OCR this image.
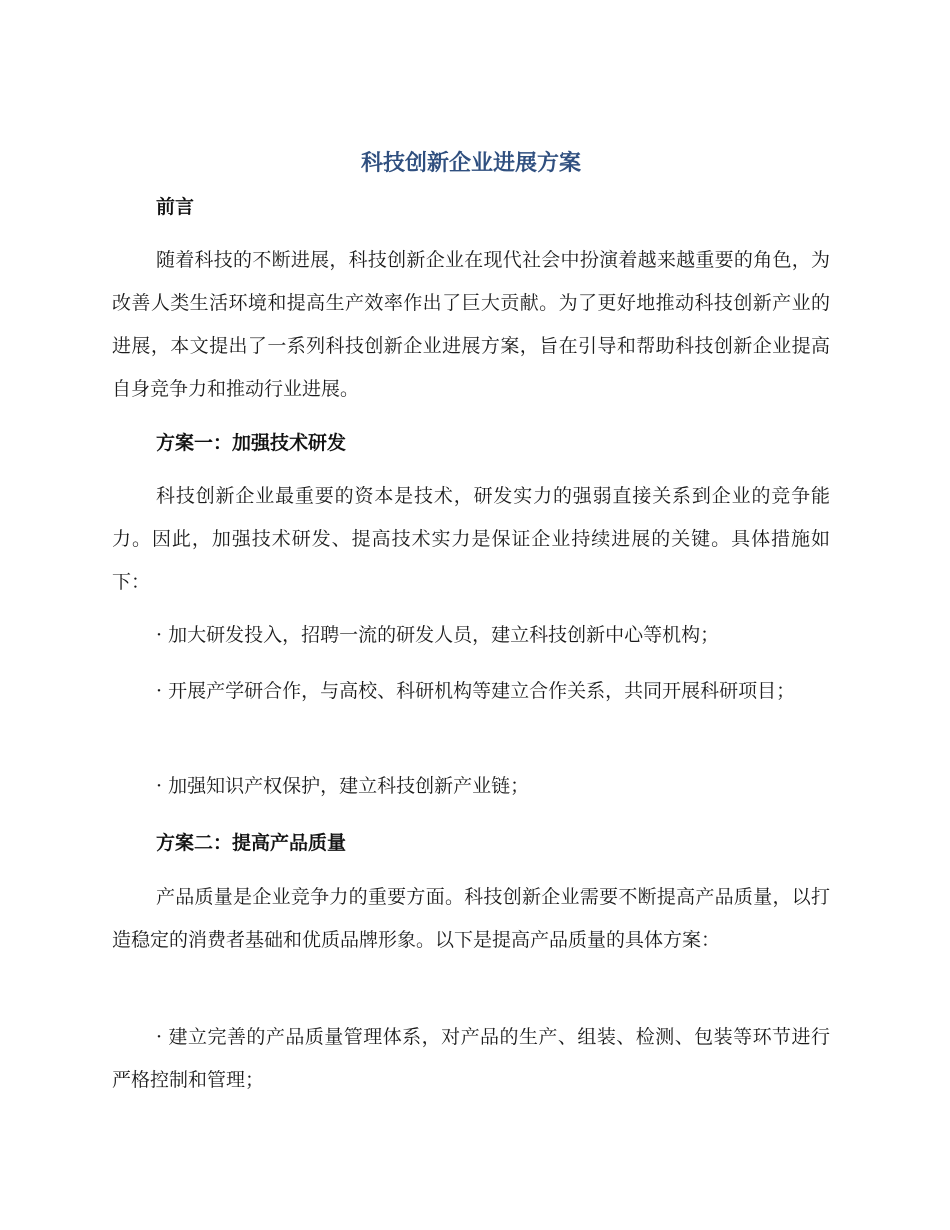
科技创新企业进展方案
前言

随着科技的不断进展，科技创新企业在现代社会中扮演着越来越重要的角色，为改善人类生活环境和提高生产效率作出了巨大贡献。为了更好地推动科技创新产业的进展，本文提出了一系列科技创新企业进展方案，旨在引导和帮助科技创新企业提高自身竞争力和推动行业进展。

方案一：加强技术研发

科技创新企业最重要的资本是技术，研发实力的强弱直接关系到企业的竞争能力。因此，加强技术研发、提高技术实力是保证企业持续进展的关键。具体措施如下：

· 加大研发投入，招聘一流的研发人员，建立科技创新中心等机构；

· 开展产学研合作，与高校、科研机构等建立合作关系，共同开展科研项目；

· 加强知识产权保护，建立科技创新产业链；

方案二：提高产品质量

产品质量是企业竞争力的重要方面。科技创新企业需要不断提高产品质量，以打造稳定的消费者基础和优质品牌形象。以下是提高产品质量的具体方案：

· 建立完善的产品质量管理体系，对产品的生产、组装、检测、包装等环节进行严格控制和管理；
